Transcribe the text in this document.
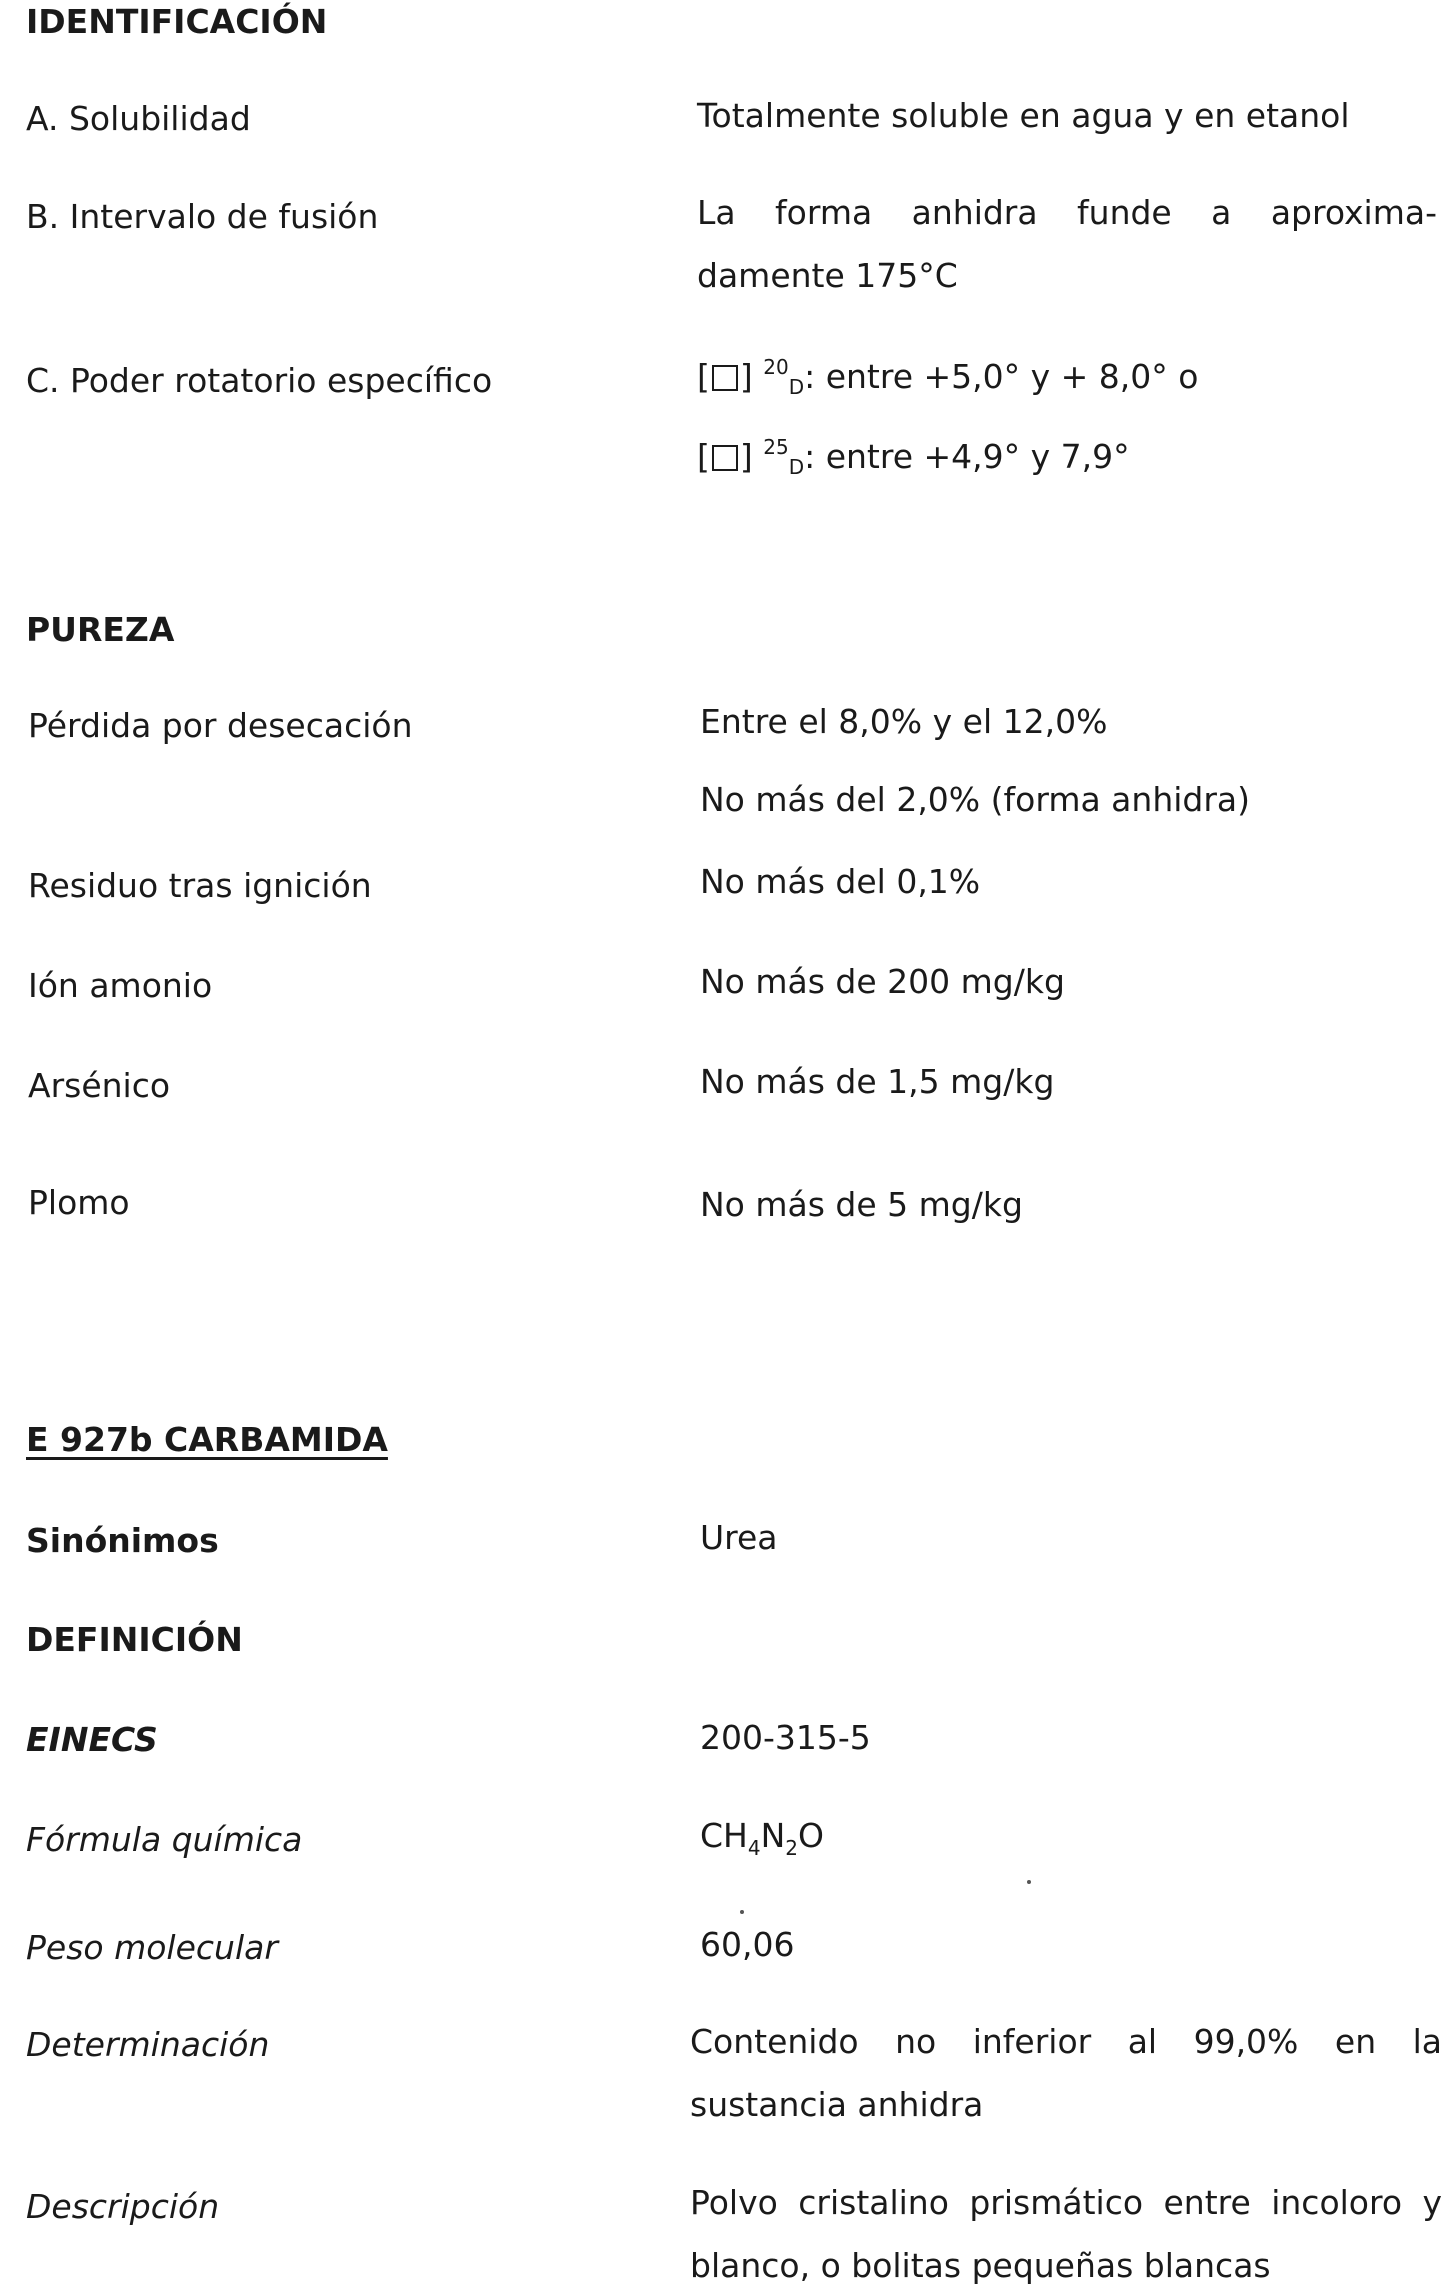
IDENTIFICACIÓN
A. Solubilidad	Totalmente soluble en agua y en etanol
B. Intervalo de fusión	La forma anhidra funde a aproxima-
damente 175°C
C. Poder rotatorio específico	[ ] $^{20}$D: entre +5,0° y + 8,0° o
[ ] $^{25}$D: entre +4,9° y 7,9°
PUREZA
Pérdida por desecación	Entre el 8,0% y el 12,0%
No más del 2,0% (forma anhidra)
Residuo tras ignición	No más del 0,1%
Ión amonio	No más de 200 mg/kg
Arsénico	No más de 1,5 mg/kg
Plomo	No más de 5 mg/kg
E 927b CARBAMIDA
Sinónimos	Urea
DEFINICIÓN
EINECS	200-315-5
Fórmula química	$CH_4N_2O$
Peso molecular	60,06
Determinación	Contenido no inferior al 99,0% en la
sustancia anhidra
Descripción	Polvo cristalino prismático entre incoloro y
blanco, o bolitas pequeñas blancas
